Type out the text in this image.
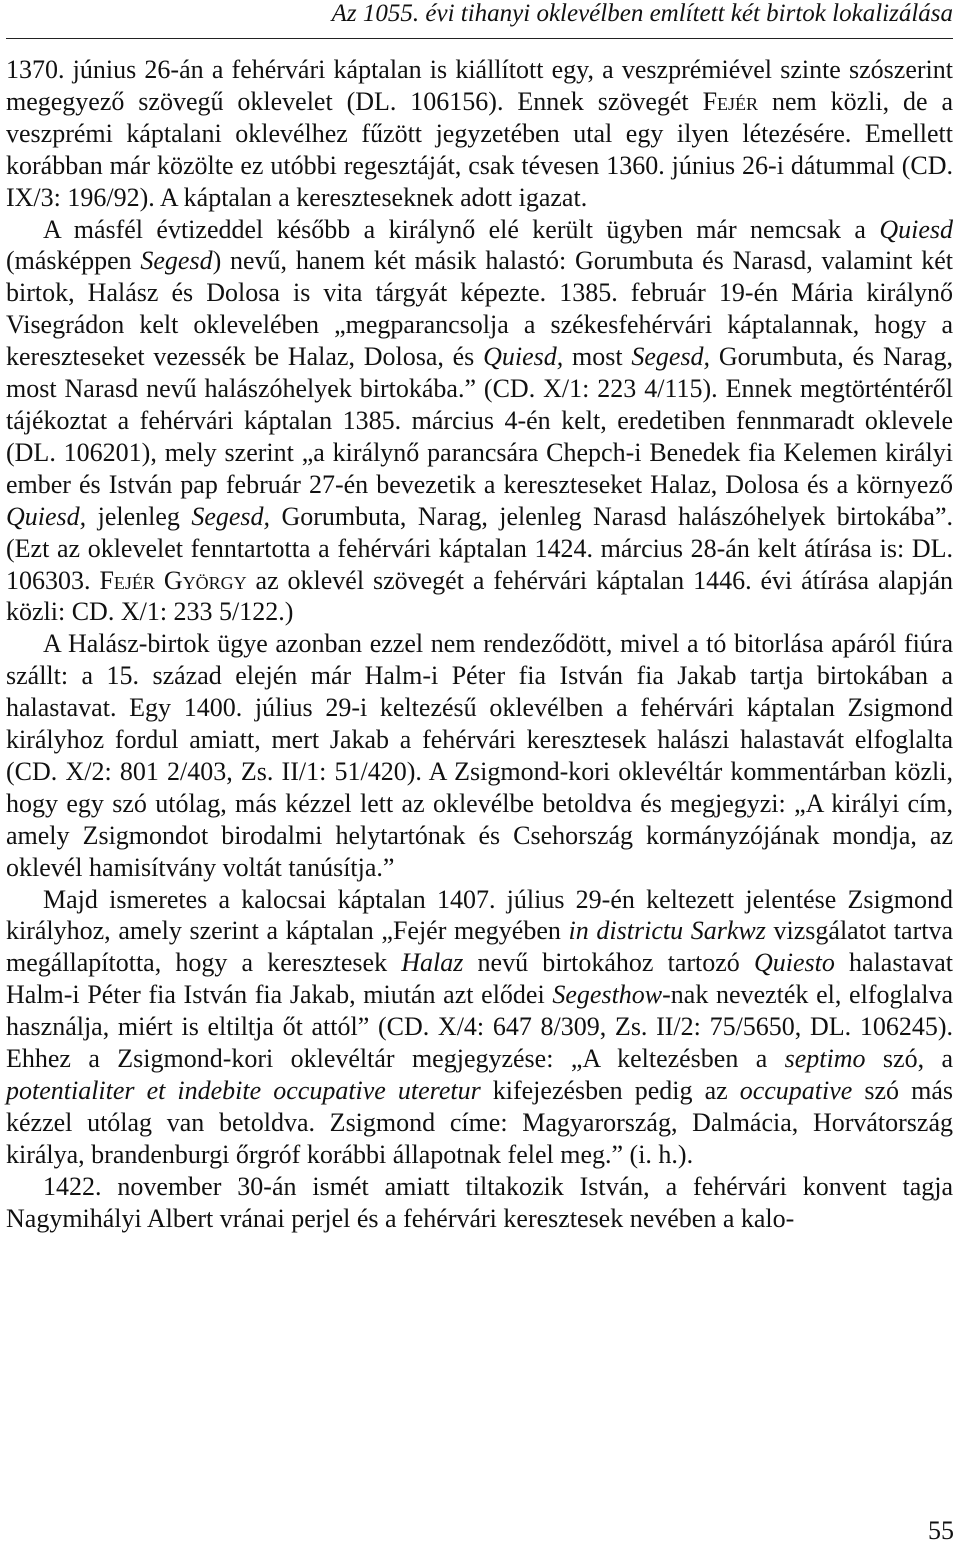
Az 1055. évi tihanyi oklevélben említett két birtok lokalizálása

1370. június 26-án a fehérvári káptalan is kiállított egy, a veszprémiével szinte szószerint megegyező szövegű oklevelet (DL. 106156). Ennek szövegét Fejér nem közli, de a veszprémi káptalani oklevélhez fűzött jegyzetében utal egy ilyen létezésére. Emellett korábban már közölte ez utóbbi regesztáját, csak tévesen 1360. június 26-i dátummal (CD. IX/3: 196/92). A káptalan a kereszteseknek adott igazat.

A másfél évtizeddel később a királynő elé került ügyben már nemcsak a Quiesd (másképpen Segesd) nevű, hanem két másik halastó: Gorumbuta és Narasd, valamint két birtok, Halász és Dolosa is vita tárgyát képezte. 1385. február 19-én Mária királynő Visegrádon kelt oklevelében „megparancsolja a székesfehérvári káptalannak, hogy a kereszteseket vezessék be Halaz, Dolosa, és Quiesd, most Segesd, Gorumbuta, és Narag, most Narasd nevű halászóhelyek birtokába.” (CD. X/1: 223 4/115). Ennek megtörténtéről tájékoztat a fehérvári káptalan 1385. március 4-én kelt, eredetiben fennmaradt oklevele (DL. 106201), mely szerint „a királynő parancsára Chepch-i Benedek fia Kelemen királyi ember és István pap február 27-én bevezetik a kereszteseket Halaz, Dolosa és a környező Quiesd, jelenleg Segesd, Gorumbuta, Narag, jelenleg Narasd halászóhelyek birtokába”. (Ezt az oklevelet fenntartotta a fehérvári káptalan 1424. március 28-án kelt átírása is: DL. 106303. Fejér György az oklevél szövegét a fehérvári káptalan 1446. évi átírása alapján közli: CD. X/1: 233 5/122.)

A Halász-birtok ügye azonban ezzel nem rendeződött, mivel a tó bitorlása apáról fiúra szállt: a 15. század elején már Halm-i Péter fia István fia Jakab tartja birtokában a halastavat. Egy 1400. július 29-i keltezésű oklevélben a fehérvári káptalan Zsigmond királyhoz fordul amiatt, mert Jakab a fehérvári keresztesek halászi halastavát elfoglalta (CD. X/2: 801 2/403, Zs. II/1: 51/420). A Zsigmond-kori oklevéltár kommentárban közli, hogy egy szó utólag, más kézzel lett az oklevélbe betoldva és megjegyzi: „A királyi cím, amely Zsigmondot birodalmi helytartónak és Csehország kormányzójának mondja, az oklevél hamisítvány voltát tanúsítja.”

Majd ismeretes a kalocsai káptalan 1407. július 29-én keltezett jelentése Zsigmond királyhoz, amely szerint a káptalan „Fejér megyében in districtu Sarkwz vizsgálatot tartva megállapította, hogy a keresztesek Halaz nevű birtokához tartozó Quiesto halastavat Halm-i Péter fia István fia Jakab, miután azt elődei Segesthow-nak nevezték el, elfoglalva használja, miért is eltiltja őt attól” (CD. X/4: 647 8/309, Zs. II/2: 75/5650, DL. 106245). Ehhez a Zsigmond-kori oklevéltár megjegyzése: „A keltezésben a septimo szó, a potentialiter et indebite occupative uteretur kifejezésben pedig az occupative szó más kézzel utólag van betoldva. Zsigmond címe: Magyarország, Dalmácia, Horvátország királya, brandenburgi őrgróf korábbi állapotnak felel meg.” (i. h.).

1422. november 30-án ismét amiatt tiltakozik István, a fehérvári konvent tagja Nagymihályi Albert vránai perjel és a fehérvári keresztesek nevében a kalo-

55
